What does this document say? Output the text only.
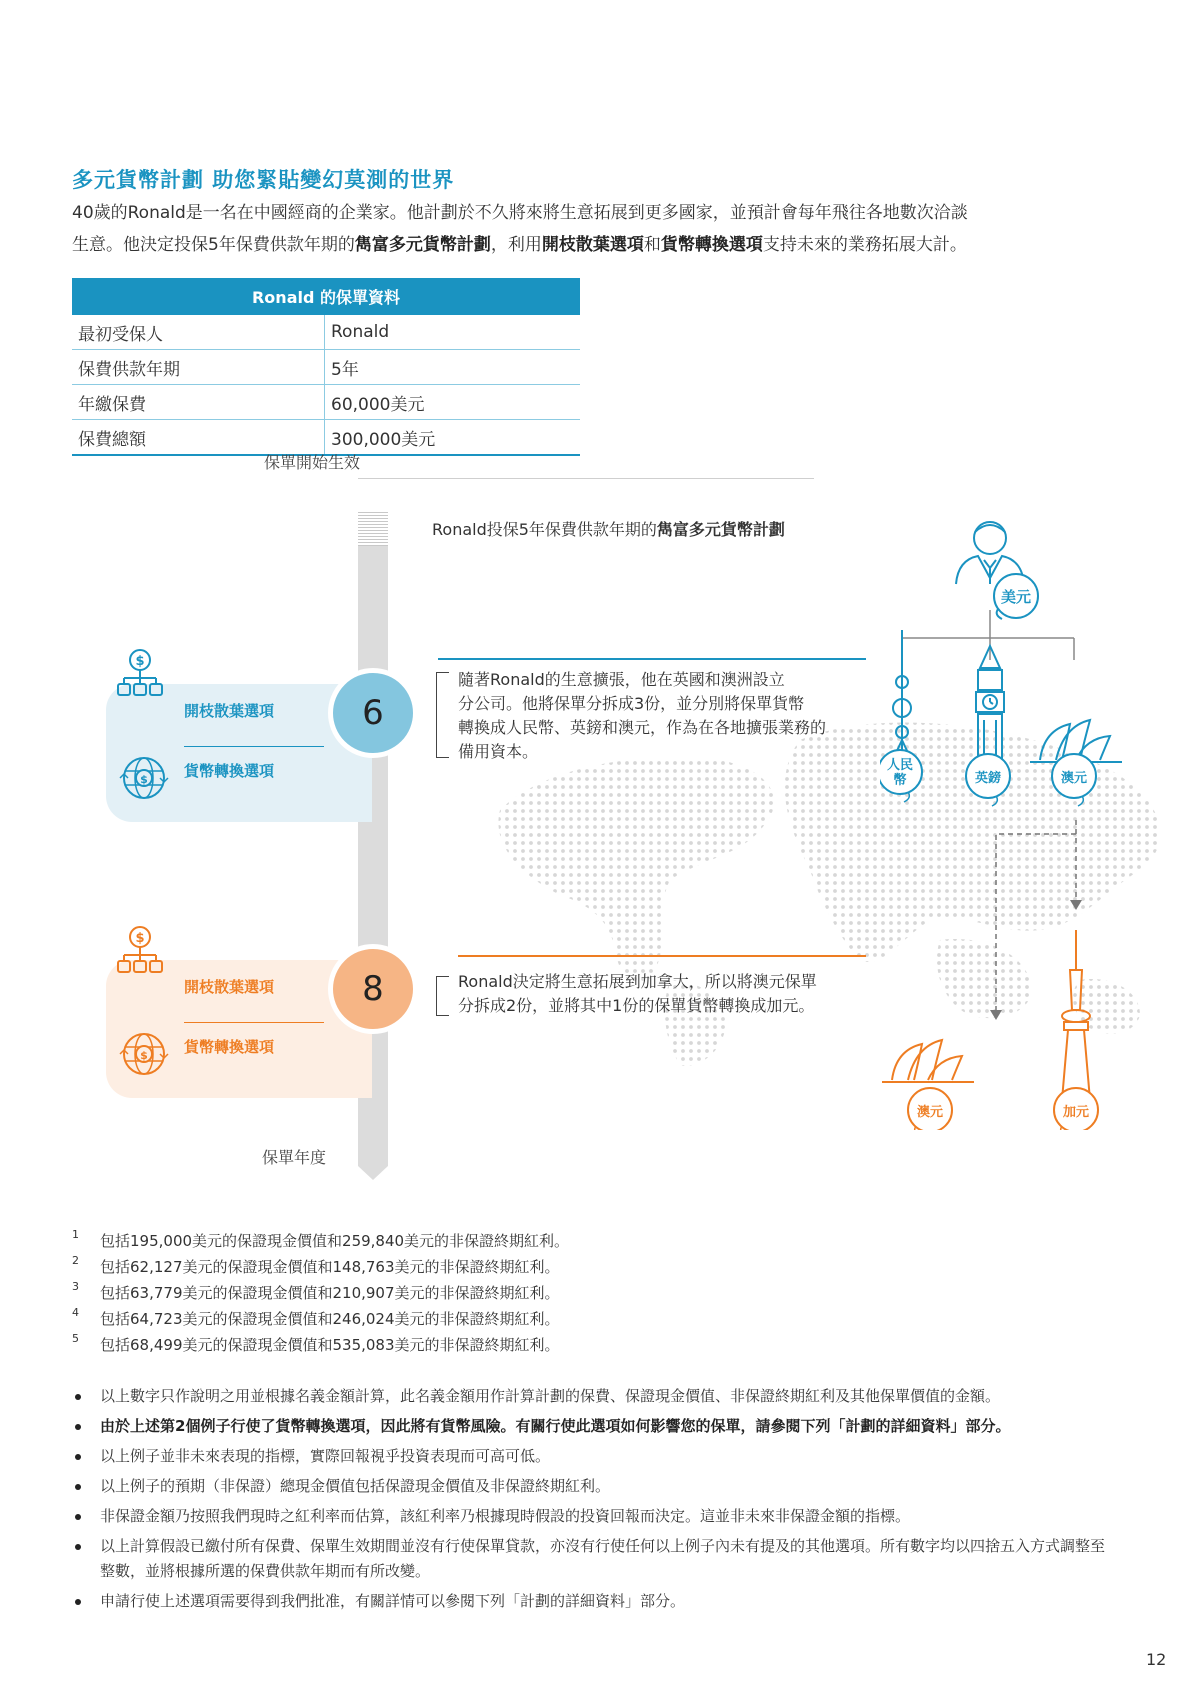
多元貨幣計劃 助您緊貼變幻莫測的世界
40歲的Ronald是一名在中國經商的企業家。他計劃於不久將來將生意拓展到更多國家，並預計會每年飛往各地數次洽談
生意。他決定投保5年保費供款年期的雋富多元貨幣計劃，利用開枝散葉選項和貨幣轉換選項支持未來的業務拓展大計。
Ronald 的保單資料	
最初受保人	Ronald
保費供款年期	5年
年繳保費	60,000美元
保費總額	300,000美元
保單開始生效
保單年度
Ronald投保5年保費供款年期的雋富多元貨幣計劃
$
開枝散葉選項
$ 貨幣轉換選項
6
隨著Ronald的生意擴張，他在英國和澳洲設立
分公司。他將保單分拆成3份，並分別將保單貨幣
轉換成人民幣、英鎊和澳元，作為在各地擴張業務的
備用資本。
$
開枝散葉選項
$ 貨幣轉換選項
8	Ronald決定將生意拓展到加拿大，所以將澳元保單
分拆成2份，並將其中1份的保單貨幣轉換成加元。
美元
人民
幣	英鎊	澳元
澳元	加元
1 包括195,000美元的保證現金價值和259,840美元的非保證終期紅利。
2 包括62,127美元的保證現金價值和148,763美元的非保證終期紅利。
3 包括63,779美元的保證現金價值和210,907美元的非保證終期紅利。
4 包括64,723美元的保證現金價值和246,024美元的非保證終期紅利。
5 包括68,499美元的保證現金價值和535,083美元的非保證終期紅利。
以上數字只作說明之用並根據名義金額計算，此名義金額用作計算計劃的保費、保證現金價值、非保證終期紅利及其他保單價值的金額。
由於上述第2個例子行使了貨幣轉換選項，因此將有貨幣風險。有關行使此選項如何影響您的保單，請參閱下列「計劃的詳細資料」部分。
以上例子並非未來表現的指標，實際回報視乎投資表現而可高可低。
以上例子的預期（非保證）總現金價值包括保證現金價值及非保證終期紅利。
非保證金額乃按照我們現時之紅利率而估算，該紅利率乃根據現時假設的投資回報而決定。這並非未來非保證金額的指標。
以上計算假設已繳付所有保費、保單生效期間並沒有行使保單貸款，亦沒有行使任何以上例子內未有提及的其他選項。所有數字均以四捨五入方式調整至整數，並將根據所選的保費供款年期而有所改變。
申請行使上述選項需要得到我們批准，有關詳情可以參閱下列「計劃的詳細資料」部分。
12
